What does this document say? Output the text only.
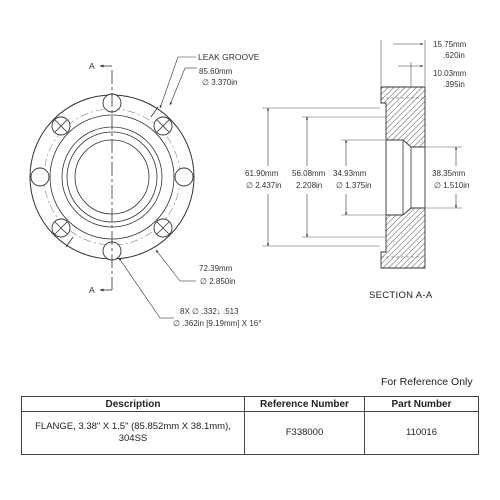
A
A
LEAK GROOVE
85.60mm
∅ 3.370in
72.39mm
∅ 2.850in
8X ∅ .332↓ .513
∅ .362in [9.19mm] X 16°
15.75mm
.620in
10.03mm
.395in
61.90mm
∅ 2.437in
56.08mm
2.208in
34.93mm
∅ 1.375in
38.35mm
∅ 1.510in
SECTION A-A
For Reference Only
Description	Reference Number	Part Number
FLANGE, 3.38" X 1.5" (85.852mm X 38.1mm), 304SS	F338000	110016
